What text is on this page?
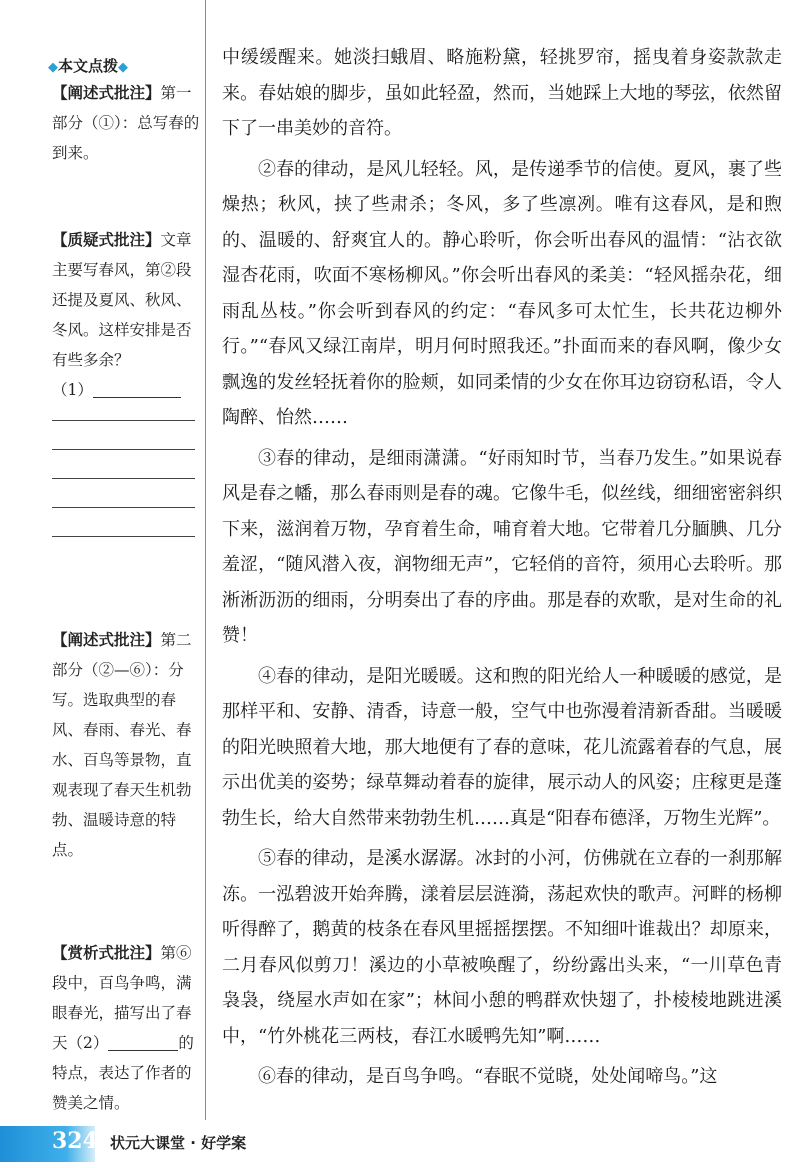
◆本文点拨◆
【阐述式批注】第一部分（①）：总写春的到来。
【质疑式批注】文章主要写春风，第②段还提及夏风、秋风、冬风。这样安排是否有些多余？
（1）
【阐述式批注】第二部分（②—⑥）：分写。选取典型的春风、春雨、春光、春水、百鸟等景物，直观表现了春天生机勃勃、温暖诗意的特点。
【赏析式批注】第⑥段中，百鸟争鸣，满眼春光，描写出了春天（2）	的特点，表达了作者的赞美之情。

中缓缓醒来。她淡扫蛾眉、略施粉黛，轻挑罗帘，摇曳着身姿款款走来。春姑娘的脚步，虽如此轻盈，然而，当她踩上大地的琴弦，依然留下了一串美妙的音符。

②春的律动，是风儿轻轻。风，是传递季节的信使。夏风，裹了些燥热；秋风，挟了些肃杀；冬风，多了些凛冽。唯有这春风，是和煦的、温暖的、舒爽宜人的。静心聆听，你会听出春风的温情：“沾衣欲湿杏花雨，吹面不寒杨柳风。”你会听出春风的柔美：“轻风摇杂花，细雨乱丛枝。”你会听到春风的约定：“春风多可太忙生，长共花边柳外行。”“春风又绿江南岸，明月何时照我还。”扑面而来的春风啊，像少女飘逸的发丝轻抚着你的脸颊，如同柔情的少女在你耳边窃窃私语，令人陶醉、怡然……

③春的律动，是细雨潇潇。“好雨知时节，当春乃发生。”如果说春风是春之幡，那么春雨则是春的魂。它像牛毛，似丝线，细细密密斜织下来，滋润着万物，孕育着生命，哺育着大地。它带着几分腼腆、几分羞涩，“随风潜入夜，润物细无声”，它轻俏的音符，须用心去聆听。那淅淅沥沥的细雨，分明奏出了春的序曲。那是春的欢歌，是对生命的礼赞！

④春的律动，是阳光暖暖。这和煦的阳光给人一种暖暖的感觉，是那样平和、安静、清香，诗意一般，空气中也弥漫着清新香甜。当暖暖的阳光映照着大地，那大地便有了春的意味，花儿流露着春的气息，展示出优美的姿势；绿草舞动着春的旋律，展示动人的风姿；庄稼更是蓬勃生长，给大自然带来勃勃生机……真是“阳春布德泽，万物生光辉”。

⑤春的律动，是溪水潺潺。冰封的小河，仿佛就在立春的一刹那解冻。一泓碧波开始奔腾，漾着层层涟漪，荡起欢快的歌声。河畔的杨柳听得醉了，鹅黄的枝条在春风里摇摇摆摆。不知细叶谁裁出？却原来，二月春风似剪刀！溪边的小草被唤醒了，纷纷露出头来，“一川草色青袅袅，绕屋水声如在家”；林间小憩的鸭群欢快翅了，扑棱棱地跳进溪中，“竹外桃花三两枝，春江水暖鸭先知”啊……

⑥春的律动，是百鸟争鸣。“春眠不觉晓，处处闻啼鸟。”这

324 状元大课堂 · 好学案
